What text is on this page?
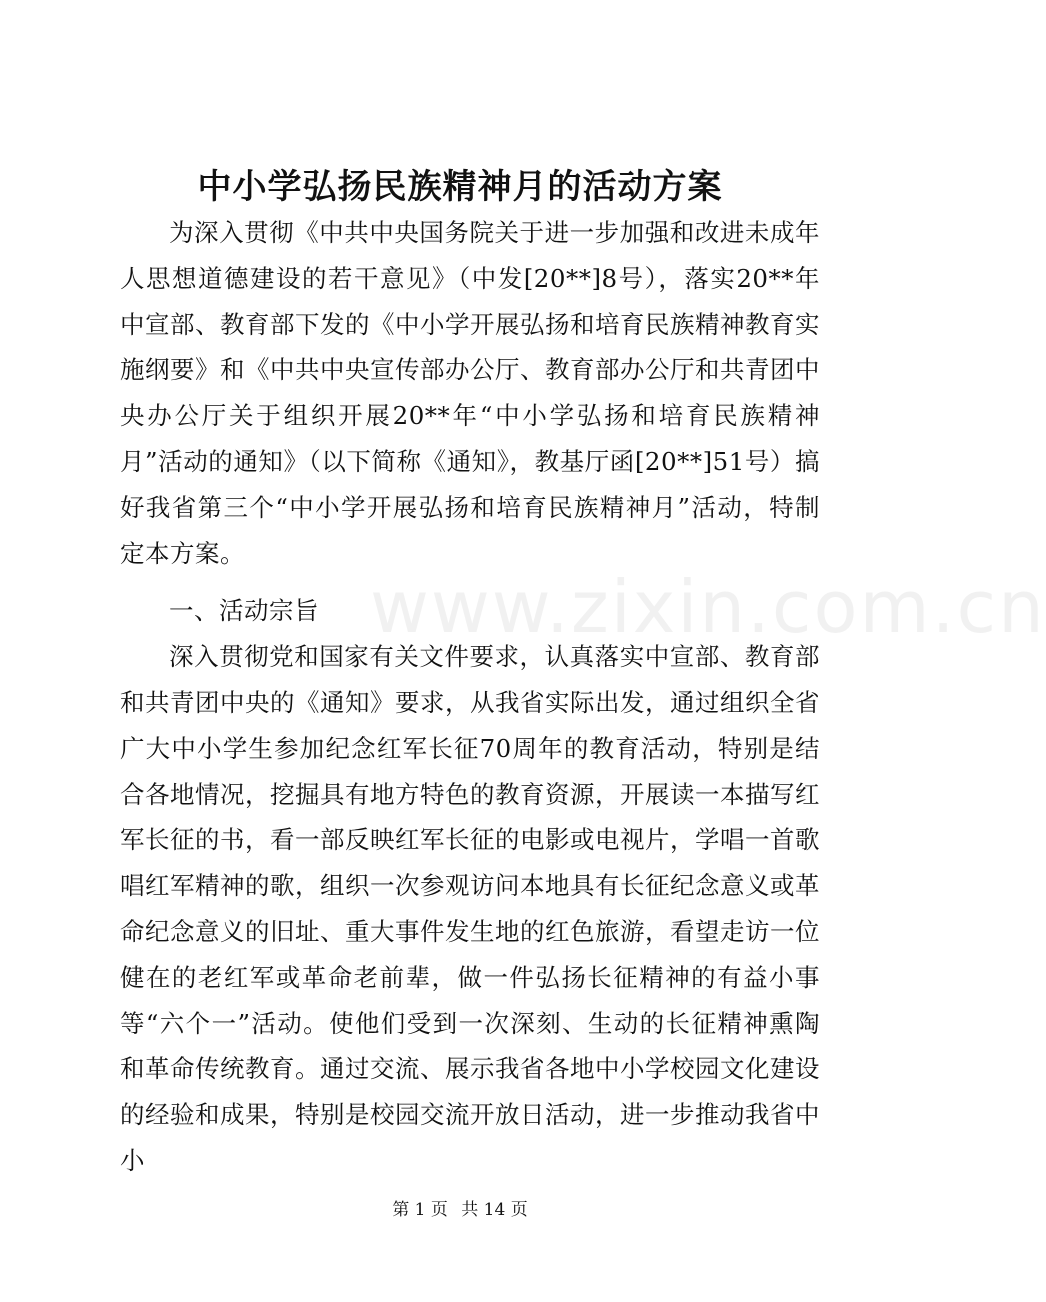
中小学弘扬民族精神月的活动方案

为深入贯彻《中共中央国务院关于进一步加强和改进未成年人思想道德建设的若干意见》（中发[20**]8号），落实20**年中宣部、教育部下发的《中小学开展弘扬和培育民族精神教育实施纲要》和《中共中央宣传部办公厅、教育部办公厅和共青团中央办公厅关于组织开展20**年“中小学弘扬和培育民族精神月”活动的通知》（以下简称《通知》，教基厅函[20**]51号）搞好我省第三个“中小学开展弘扬和培育民族精神月”活动，特制定本方案。

一、活动宗旨

深入贯彻党和国家有关文件要求，认真落实中宣部、教育部和共青团中央的《通知》要求，从我省实际出发，通过组织全省广大中小学生参加纪念红军长征70周年的教育活动，特别是结合各地情况，挖掘具有地方特色的教育资源，开展读一本描写红军长征的书，看一部反映红军长征的电影或电视片，学唱一首歌唱红军精神的歌，组织一次参观访问本地具有长征纪念意义或革命纪念意义的旧址、重大事件发生地的红色旅游，看望走访一位健在的老红军或革命老前辈，做一件弘扬长征精神的有益小事等“六个一”活动。使他们受到一次深刻、生动的长征精神熏陶和革命传统教育。通过交流、展示我省各地中小学校园文化建设的经验和成果，特别是校园交流开放日活动，进一步推动我省中小

www.zixin.com.cn
第 1 页 共 14 页
